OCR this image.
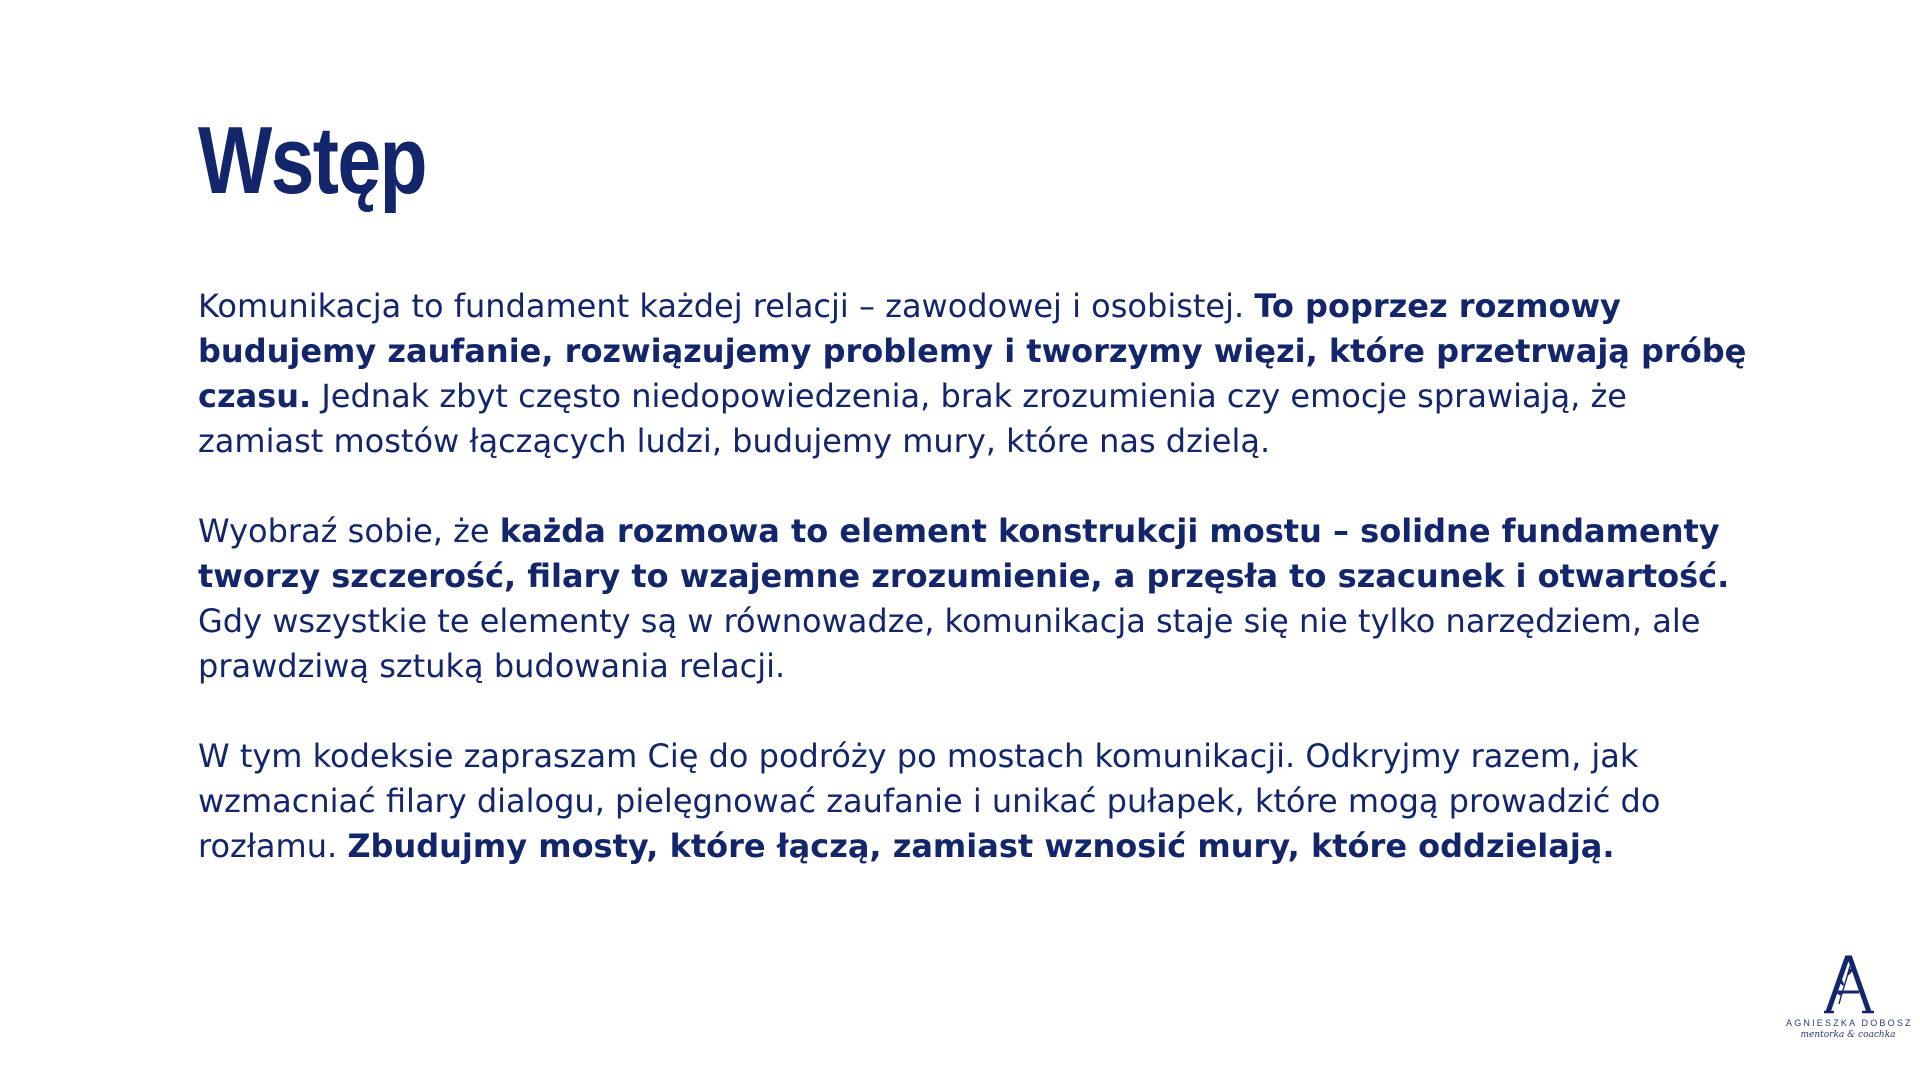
Wstęp

Komunikacja to fundament każdej relacji – zawodowej i osobistej. To poprzez rozmowy budujemy zaufanie, rozwiązujemy problemy i tworzymy więzi, które przetrwają próbę czasu. Jednak zbyt często niedopowiedzenia, brak zrozumienia czy emocje sprawiają, że zamiast mostów łączących ludzi, budujemy mury, które nas dzielą.

Wyobraź sobie, że każda rozmowa to element konstrukcji mostu – solidne fundamenty tworzy szczerość, filary to wzajemne zrozumienie, a przęsła to szacunek i otwartość. Gdy wszystkie te elementy są w równowadze, komunikacja staje się nie tylko narzędziem, ale prawdziwą sztuką budowania relacji.

W tym kodeksie zapraszam Cię do podróży po mostach komunikacji. Odkryjmy razem, jak wzmacniać filary dialogu, pielęgnować zaufanie i unikać pułapek, które mogą prowadzić do rozłamu. Zbudujmy mosty, które łączą, zamiast wznosić mury, które oddzielają.

AGNIESZKA DOBOSZ
mentorka & coachka
